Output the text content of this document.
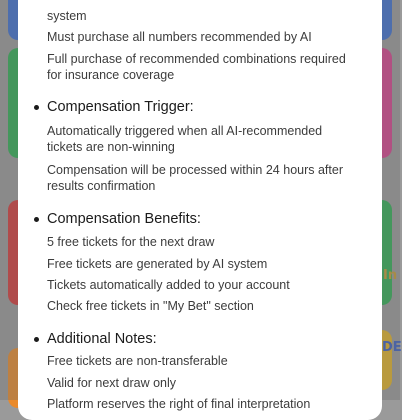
In
DE
system
Must purchase all numbers recommended by AI
Full purchase of recommended combinations required
for insurance coverage
Compensation Trigger:
Automatically triggered when all AI-recommended
tickets are non-winning
Compensation will be processed within 24 hours after
results confirmation
Compensation Benefits:
5 free tickets for the next draw
Free tickets are generated by AI system
Tickets automatically added to your account
Check free tickets in "My Bet" section
Additional Notes:
Free tickets are non-transferable
Valid for next draw only
Platform reserves the right of final interpretation
